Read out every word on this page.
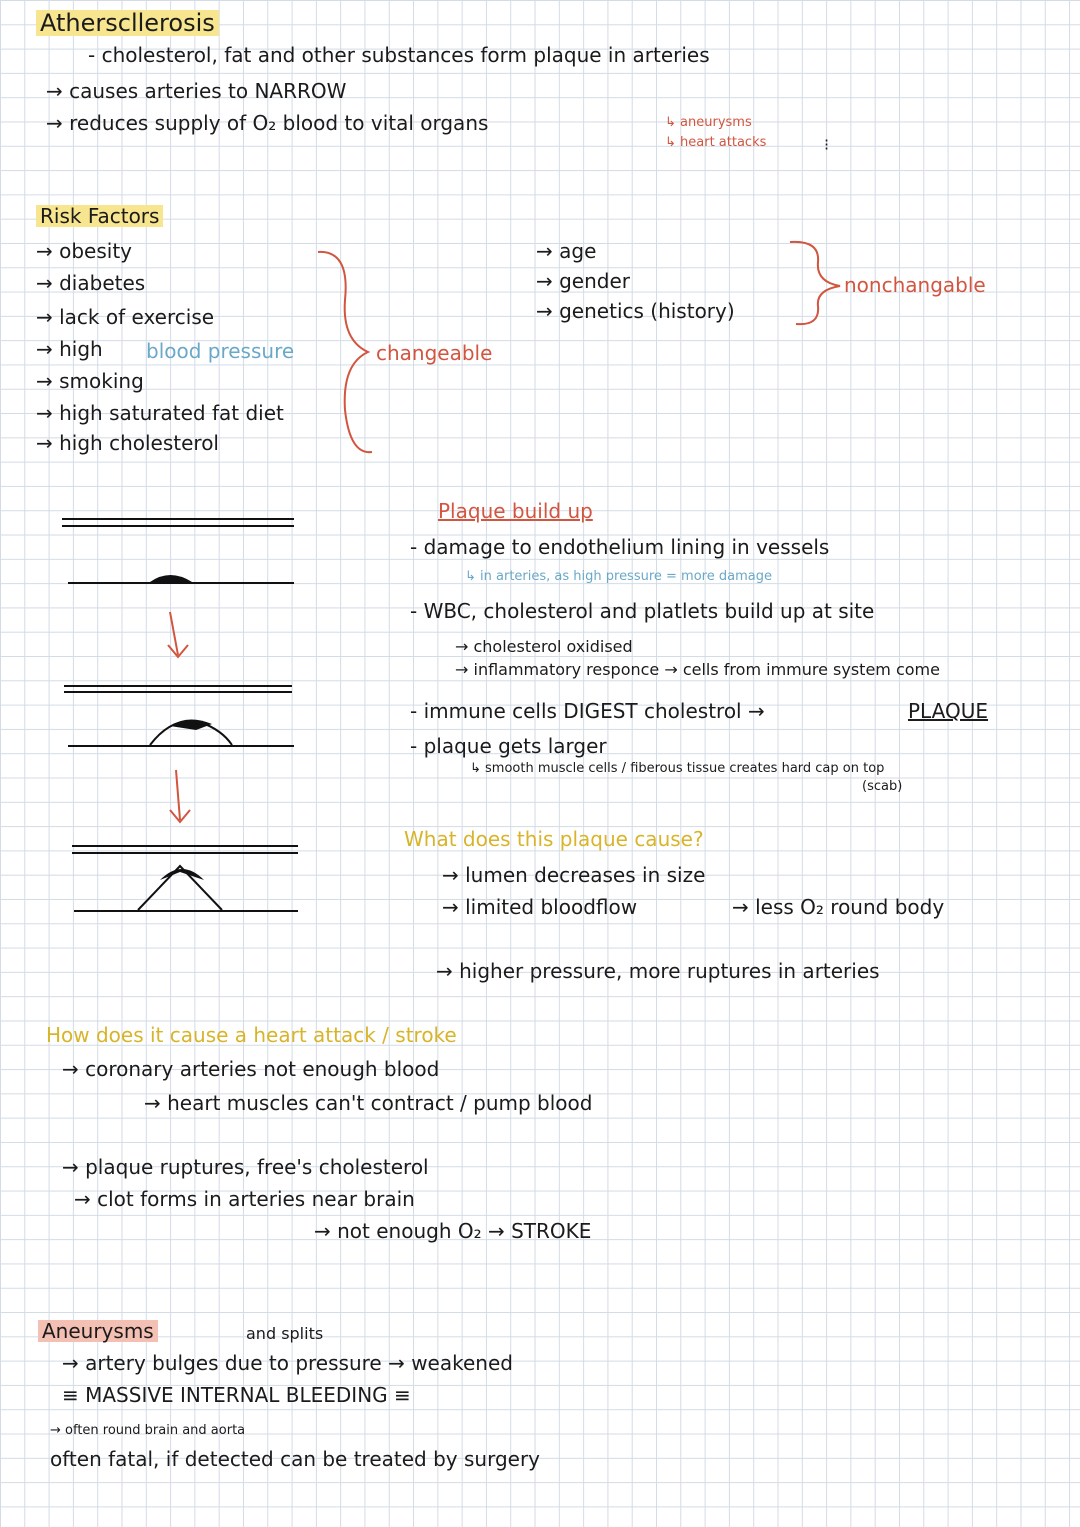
Atherscllerosis
- cholesterol, fat and other substances form plaque in arteries
→ causes arteries to NARROW
→ reduces supply of O₂ blood to vital organs	↳ aneurysms
↳ heart attacks	⁝
Risk Factors
→ obesity
→ diabetes
→ lack of exercise
→ high blood pressure
→ smoking
→ high saturated fat diet
→ high cholesterol
changeable
→ age
→ gender
→ genetics (history)
nonchangable
Plaque build up
- damage to endothelium lining in vessels
↳ in arteries, as high pressure = more damage
- WBC, cholesterol and platlets build up at site
→ cholesterol oxidised
→ inflammatory responce → cells from immure system come
- immune cells DIGEST cholestrol →	PLAQUE
- plaque gets larger
↳ smooth muscle cells / fiberous tissue creates hard cap on top
(scab)
What does this plaque cause?
→ lumen decreases in size
→ limited bloodflow	→ less O₂ round body
→ higher pressure, more ruptures in arteries
How does it cause a heart attack / stroke
→ coronary arteries not enough blood
→ heart muscles can't contract / pump blood
→ plaque ruptures, free's cholesterol
→ clot forms in arteries near brain
→ not enough O₂ → STROKE
Aneurysms	and splits
→ artery bulges due to pressure → weakened
≡ MASSIVE INTERNAL BLEEDING ≡
→ often round brain and aorta
often fatal, if detected can be treated by surgery
